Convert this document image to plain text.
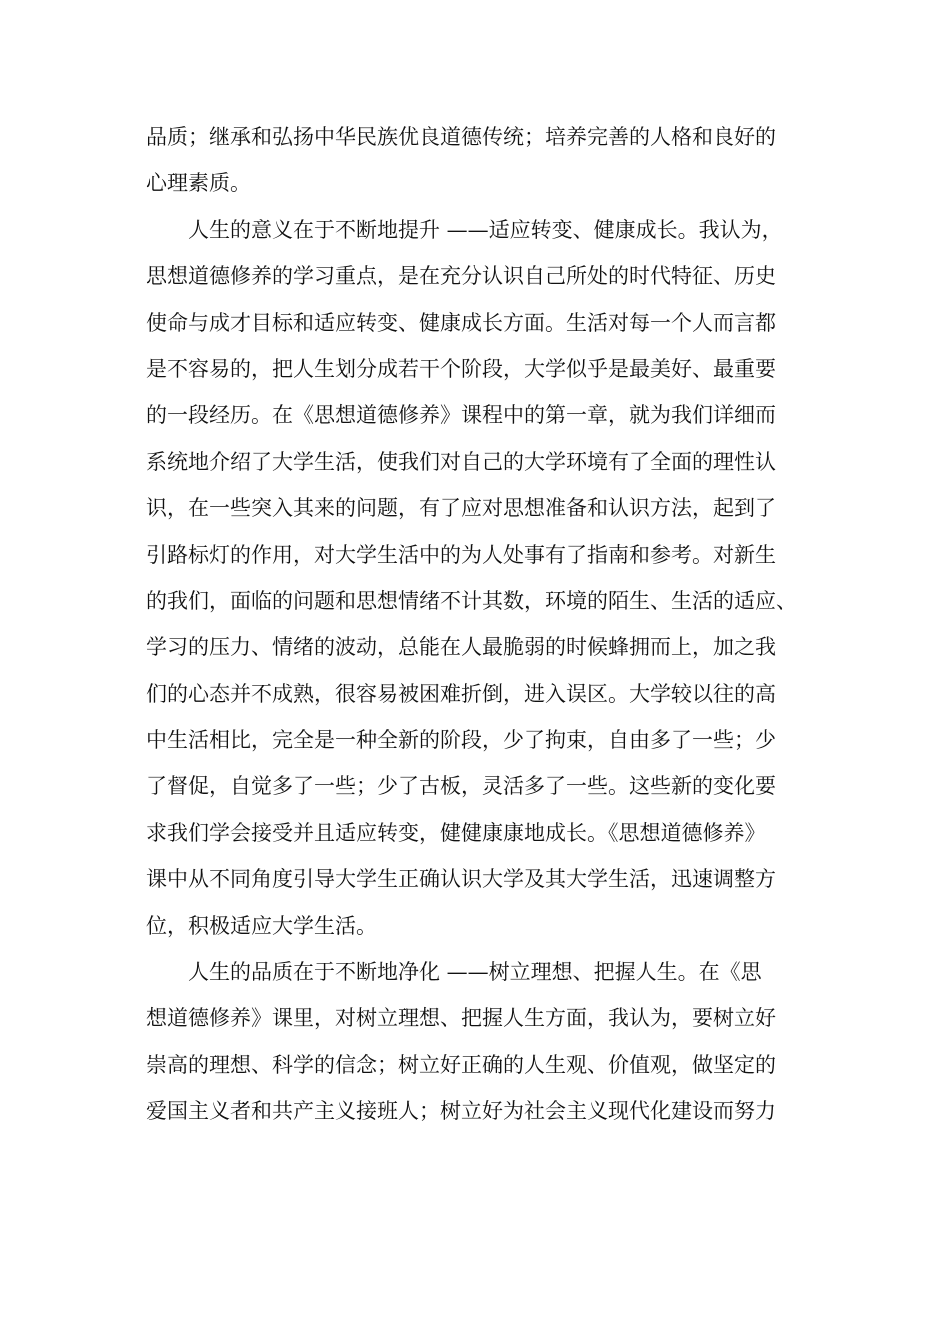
品质；继承和弘扬中华民族优良道德传统；培养完善的人格和良好的
心理素质。
人生的意义在于不断地提升 ——适应转变、健康成长。我认为，
思想道德修养的学习重点，是在充分认识自己所处的时代特征、历史
使命与成才目标和适应转变、健康成长方面。生活对每一个人而言都
是不容易的，把人生划分成若干个阶段，大学似乎是最美好、最重要
的一段经历。在《思想道德修养》课程中的第一章，就为我们详细而
系统地介绍了大学生活，使我们对自己的大学环境有了全面的理性认
识，在一些突入其来的问题，有了应对思想准备和认识方法，起到了
引路标灯的作用，对大学生活中的为人处事有了指南和参考。对新生
的我们，面临的问题和思想情绪不计其数，环境的陌生、生活的适应、
学习的压力、情绪的波动，总能在人最脆弱的时候蜂拥而上，加之我
们的心态并不成熟，很容易被困难折倒，进入误区。大学较以往的高
中生活相比，完全是一种全新的阶段，少了拘束，自由多了一些；少
了督促，自觉多了一些；少了古板，灵活多了一些。这些新的变化要
求我们学会接受并且适应转变，健健康康地成长。《思想道德修养》
课中从不同角度引导大学生正确认识大学及其大学生活，迅速调整方
位，积极适应大学生活。
人生的品质在于不断地净化 ——树立理想、把握人生。在《思
想道德修养》课里，对树立理想、把握人生方面，我认为，要树立好
崇高的理想、科学的信念；树立好正确的人生观、价值观，做坚定的
爱国主义者和共产主义接班人；树立好为社会主义现代化建设而努力
